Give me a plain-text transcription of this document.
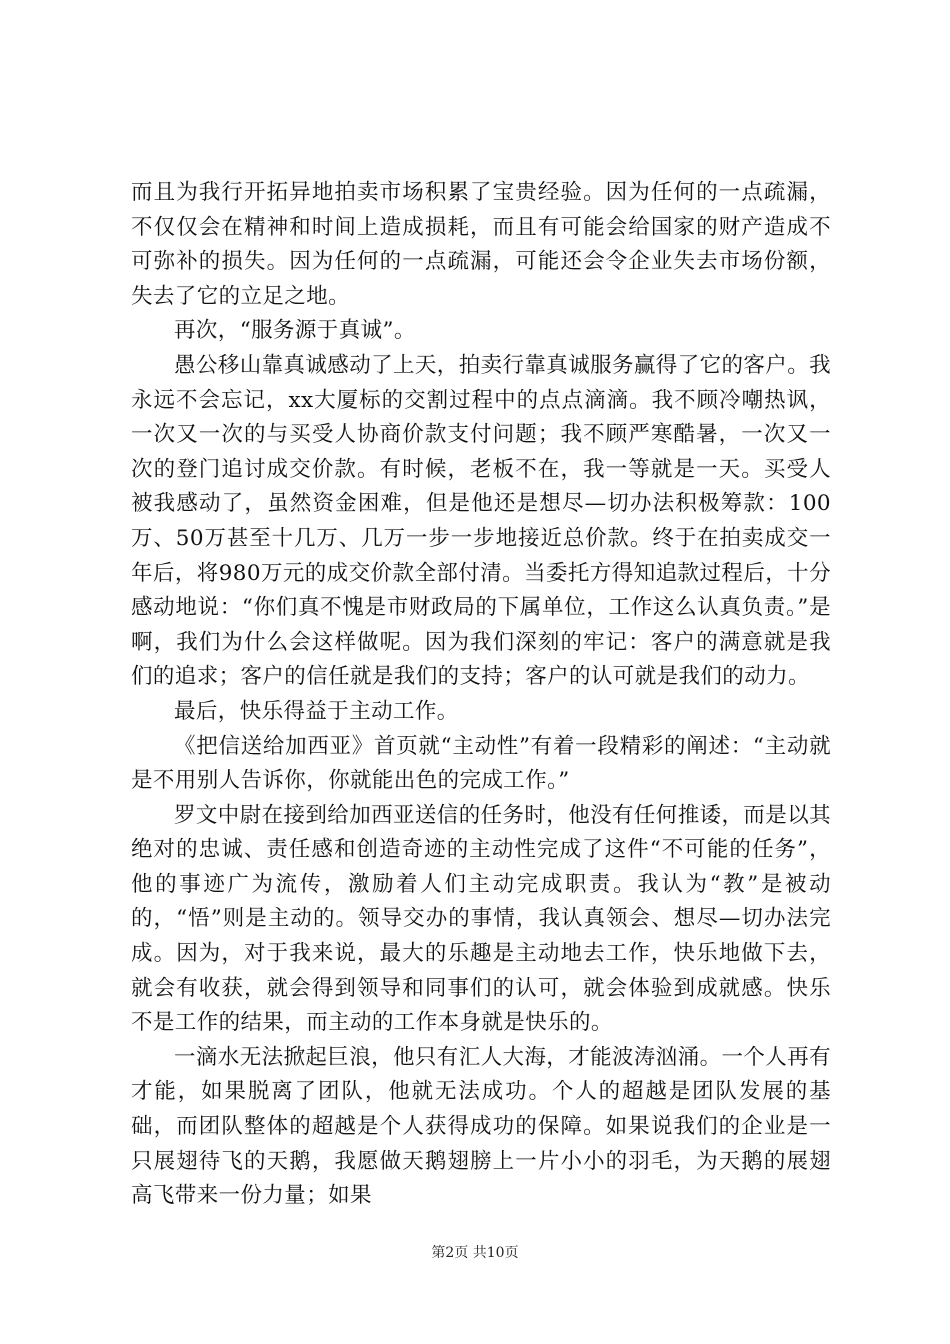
而且为我行开拓异地拍卖市场积累了宝贵经验。因为任何的一点疏漏，不仅仅会在精神和时间上造成损耗，而且有可能会给国家的财产造成不可弥补的损失。因为任何的一点疏漏，可能还会令企业失去市场份额，失去了它的立足之地。

再次，“服务源于真诚”。

愚公移山靠真诚感动了上天，拍卖行靠真诚服务赢得了它的客户。我永远不会忘记，xx大厦标的交割过程中的点点滴滴。我不顾冷嘲热讽，一次又一次的与买受人协商价款支付问题；我不顾严寒酷暑，一次又一次的登门追讨成交价款。有时候，老板不在，我一等就是一天。买受人被我感动了，虽然资金困难，但是他还是想尽—切办法积极筹款：100万、50万甚至十几万、几万一步一步地接近总价款。终于在拍卖成交一年后，将980万元的成交价款全部付清。当委托方得知追款过程后，十分感动地说：“你们真不愧是市财政局的下属单位，工作这么认真负责。”是啊，我们为什么会这样做呢。因为我们深刻的牢记：客户的满意就是我们的追求；客户的信任就是我们的支持；客户的认可就是我们的动力。

最后，快乐得益于主动工作。

《把信送给加西亚》首页就“主动性”有着一段精彩的阐述：“主动就是不用别人告诉你，你就能出色的完成工作。”

罗文中尉在接到给加西亚送信的任务时，他没有任何推诿，而是以其绝对的忠诚、责任感和创造奇迹的主动性完成了这件“不可能的任务”，他的事迹广为流传，激励着人们主动完成职责。我认为“教”是被动的，“悟”则是主动的。领导交办的事情，我认真领会、想尽—切办法完成。因为，对于我来说，最大的乐趣是主动地去工作，快乐地做下去，就会有收获，就会得到领导和同事们的认可，就会体验到成就感。快乐不是工作的结果，而主动的工作本身就是快乐的。

一滴水无法掀起巨浪，他只有汇人大海，才能波涛汹涌。一个人再有才能，如果脱离了团队，他就无法成功。个人的超越是团队发展的基础，而团队整体的超越是个人获得成功的保障。如果说我们的企业是一只展翅待飞的天鹅，我愿做天鹅翅膀上一片小小的羽毛，为天鹅的展翅高飞带来一份力量；如果

第2页 共10页
